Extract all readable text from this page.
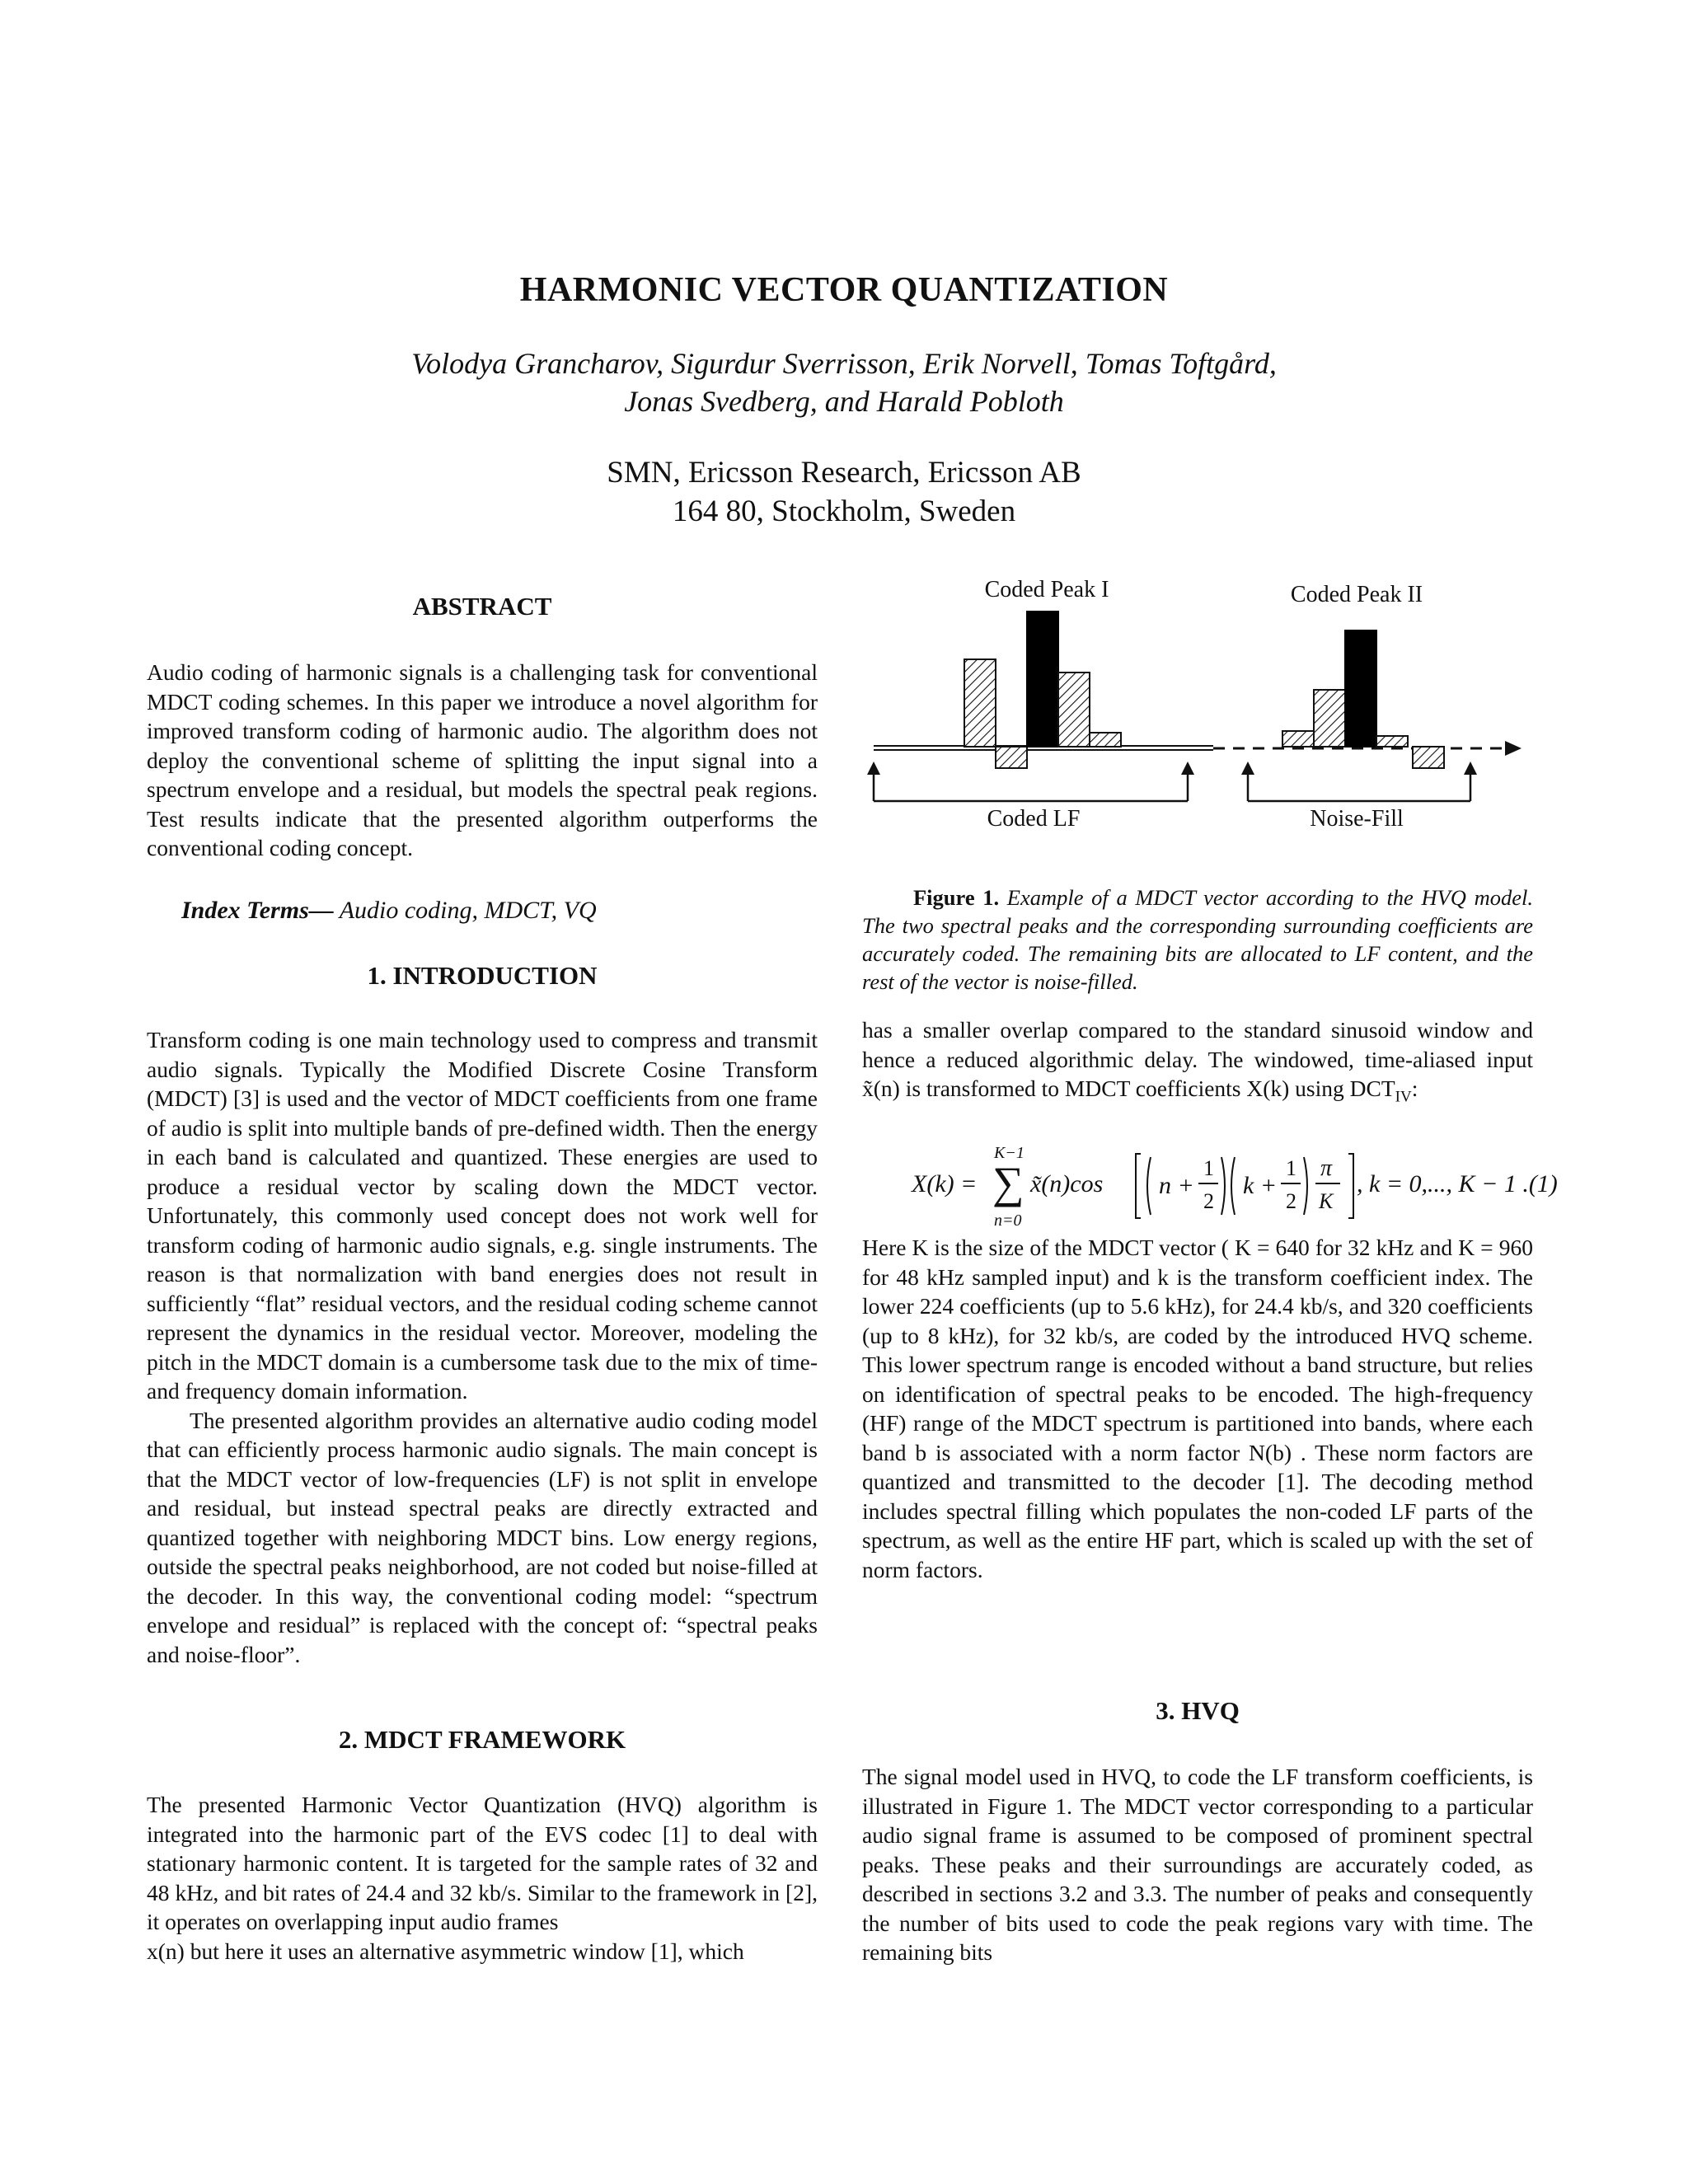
HARMONIC VECTOR QUANTIZATION
Volodya Grancharov, Sigurdur Sverrisson, Erik Norvell, Tomas Toftgård,
Jonas Svedberg, and Harald Pobloth
SMN, Ericsson Research, Ericsson AB
164 80, Stockholm, Sweden
ABSTRACT

Audio coding of harmonic signals is a challenging task for conventional MDCT coding schemes. In this paper we introduce a novel algorithm for improved transform coding of harmonic audio. The algorithm does not deploy the conventional scheme of splitting the input signal into a spectrum envelope and a residual, but models the spectral peak regions. Test results indicate that the presented algorithm outperforms the conventional coding concept.

Index Terms— Audio coding, MDCT, VQ
1. INTRODUCTION

Transform coding is one main technology used to compress and transmit audio signals. Typically the Modified Discrete Cosine Transform (MDCT) [3] is used and the vector of MDCT coefficients from one frame of audio is split into multiple bands of pre-defined width. Then the energy in each band is calculated and quantized. These energies are used to produce a residual vector by scaling down the MDCT vector. Unfortunately, this commonly used concept does not work well for transform coding of harmonic audio signals, e.g. single instruments. The reason is that normalization with band energies does not result in sufficiently “flat” residual vectors, and the residual coding scheme cannot represent the dynamics in the residual vector. Moreover, modeling the pitch in the MDCT domain is a cumbersome task due to the mix of time- and frequency domain information.

The presented algorithm provides an alternative audio coding model that can efficiently process harmonic audio signals. The main concept is that the MDCT vector of low-frequencies (LF) is not split in envelope and residual, but instead spectral peaks are directly extracted and quantized together with neighboring MDCT bins. Low energy regions, outside the spectral peaks neighborhood, are not coded but noise-filled at the decoder. In this way, the conventional coding model: “spectrum envelope and residual” is replaced with the concept of: “spectral peaks and noise-floor”.

2. MDCT FRAMEWORK

The presented Harmonic Vector Quantization (HVQ) algorithm is integrated into the harmonic part of the EVS codec [1] to deal with stationary harmonic content. It is targeted for the sample rates of 32 and 48 kHz, and bit rates of 24.4 and 32 kb/s. Similar to the framework in [2], it operates on overlapping input audio frames

x(n) but here it uses an alternative asymmetric window [1], which

Coded Peak I	Coded Peak II
Coded LF	Noise-Fill
Figure 1. Example of a MDCT vector according to the HVQ model. The two spectral peaks and the corresponding surrounding coefficients are accurately coded. The remaining bits are allocated to LF content, and the rest of the vector is noise-filled.

has a smaller overlap compared to the standard sinusoid window and hence a reduced algorithmic delay. The windowed, time-aliased input x̃(n) is transformed to MDCT coefficients X(k) using $DCT_{IV}$:

X(k) =
K−1
∑
n=0
x̃(n)cos n +
1
2
k +
1
2
π
K
, k = 0,..., K − 1 .(1)

Here K is the size of the MDCT vector ( K = 640 for 32 kHz and K = 960 for 48 kHz sampled input) and k is the transform coefficient index. The lower 224 coefficients (up to 5.6 kHz), for 24.4 kb/s, and 320 coefficients (up to 8 kHz), for 32 kb/s, are coded by the introduced HVQ scheme. This lower spectrum range is encoded without a band structure, but relies on identification of spectral peaks to be encoded. The high-frequency (HF) range of the MDCT spectrum is partitioned into bands, where each band b is associated with a norm factor N(b) . These norm factors are quantized and transmitted to the decoder [1]. The decoding method includes spectral filling which populates the non-coded LF parts of the spectrum, as well as the entire HF part, which is scaled up with the set of norm factors.

3. HVQ

The signal model used in HVQ, to code the LF transform coefficients, is illustrated in Figure 1. The MDCT vector corresponding to a particular audio signal frame is assumed to be composed of prominent spectral peaks. These peaks and their surroundings are accurately coded, as described in sections 3.2 and 3.3. The number of peaks and consequently the number of bits used to code the peak regions vary with time. The remaining bits
